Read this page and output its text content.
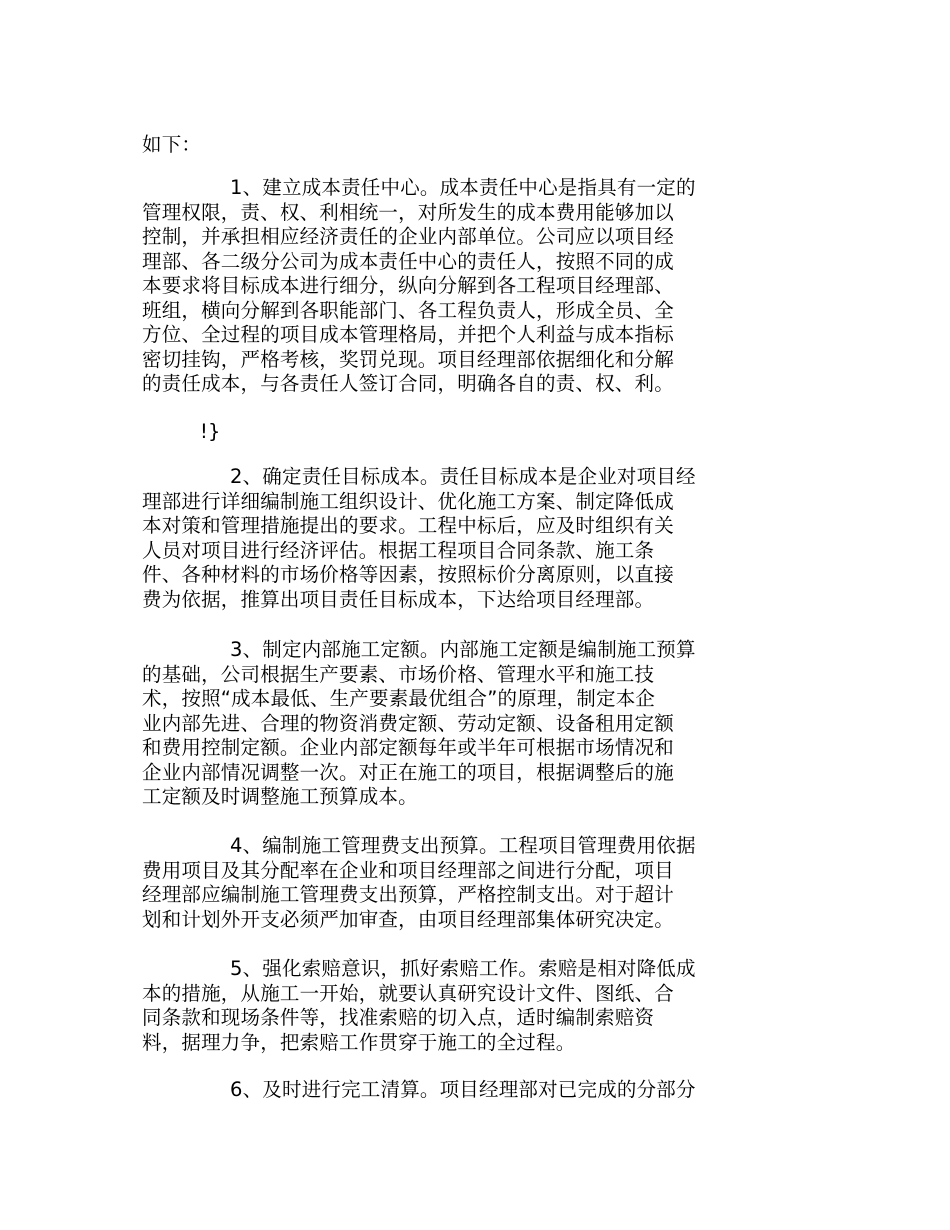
如下：
1、建立成本责任中心。成本责任中心是指具有一定的
管理权限，责、权、利相统一，对所发生的成本费用能够加以
控制，并承担相应经济责任的企业内部单位。公司应以项目经
理部、各二级分公司为成本责任中心的责任人，按照不同的成
本要求将目标成本进行细分，纵向分解到各工程项目经理部、
班组，横向分解到各职能部门、各工程负责人，形成全员、全
方位、全过程的项目成本管理格局，并把个人利益与成本指标
密切挂钩，严格考核，奖罚兑现。项目经理部依据细化和分解
的责任成本，与各责任人签订合同，明确各自的责、权、利。
!}
2、确定责任目标成本。责任目标成本是企业对项目经
理部进行详细编制施工组织设计、优化施工方案、制定降低成
本对策和管理措施提出的要求。工程中标后，应及时组织有关
人员对项目进行经济评估。根据工程项目合同条款、施工条
件、各种材料的市场价格等因素，按照标价分离原则，以直接
费为依据，推算出项目责任目标成本，下达给项目经理部。
3、制定内部施工定额。内部施工定额是编制施工预算
的基础，公司根据生产要素、市场价格、管理水平和施工技
术，按照“成本最低、生产要素最优组合”的原理，制定本企
业内部先进、合理的物资消费定额、劳动定额、设备租用定额
和费用控制定额。企业内部定额每年或半年可根据市场情况和
企业内部情况调整一次。对正在施工的项目，根据调整后的施
工定额及时调整施工预算成本。
4、编制施工管理费支出预算。工程项目管理费用依据
费用项目及其分配率在企业和项目经理部之间进行分配，项目
经理部应编制施工管理费支出预算，严格控制支出。对于超计
划和计划外开支必须严加审查，由项目经理部集体研究决定。
5、强化索赔意识，抓好索赔工作。索赔是相对降低成
本的措施，从施工一开始，就要认真研究设计文件、图纸、合
同条款和现场条件等，找准索赔的切入点，适时编制索赔资
料，据理力争，把索赔工作贯穿于施工的全过程。
6、及时进行完工清算。项目经理部对已完成的分部分
